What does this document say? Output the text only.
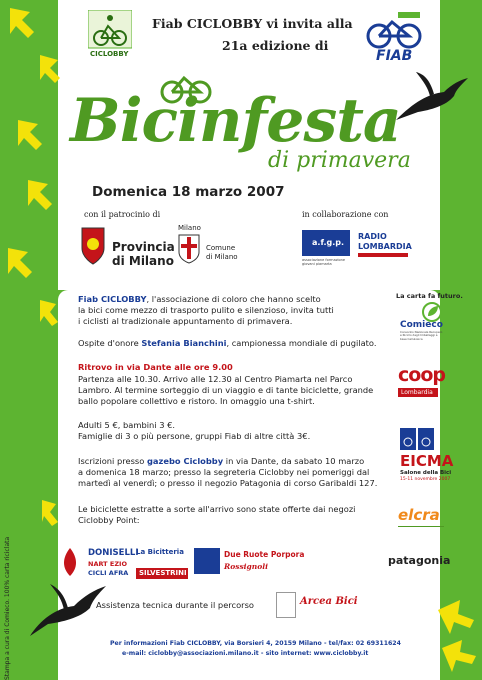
CICLOBBY
Fiab CICLOBBY vi invita alla
21a edizione di
FIAB
Bicinfesta
di primavera
Domenica 18 marzo 2007
con il patrocinio di
Provincia
di Milano
Milano
Comune
di Milano
in collaborazione con
a.f.g.p.
associazione formazione giovani piamarta
RADIO
LOMBARDIA
Fiab CICLOBBY, l'associazione di coloro che hanno scelto
la bici come mezzo di trasporto pulito e silenzioso, invita tutti
i ciclisti al tradizionale appuntamento di primavera.
Ospite d'onore Stefania Bianchini, campionessa mondiale di pugilato.
Ritrovo in via Dante alle ore 9.00
Partenza alle 10.30. Arrivo alle 12.30 al Centro Piamarta nel Parco
Lambro. Al termine sorteggio di un viaggio e di tante biciclette, grande
ballo popolare collettivo e ristoro. In omaggio una t-shirt.
Adulti 5 €, bambini 3 €.
Famiglie di 3 o più persone, gruppi Fiab di altre città 3€.
Iscrizioni presso gazebo Ciclobby in via Dante, da sabato 10 marzo
a domenica 18 marzo; presso la segreteria Ciclobby nei pomeriggi dal
martedì al venerdì; o presso il negozio Patagonia di corso Garibaldi 127.
Le biciclette estratte a sorte all'arrivo sono state offerte dai negozi
Ciclobby Point:
La carta fa futuro.
Comieco
Consorzio Nazionale Recupero e Riciclo degli Imballaggi a base Cellulosica
coop
Lombardia
EICMA
Salone della Bici
15-11 novembre 2007
elcra
patagonia
DONISELLI
NART EZIO
CICLI AFRA
La Bicitteria
SILVESTRINI
Due Ruote Porpora
Rossignoli
Assistenza tecnica durante il percorso	Arcea Bici
Per informazioni Fiab CICLOBBY, via Borsieri 4, 20159 Milano - tel/fax: 02 69311624
e-mail: ciclobby@associazioni.milano.it - sito internet: www.ciclobby.it
Stampa a cura di Comieco. 100% carta riciclata
